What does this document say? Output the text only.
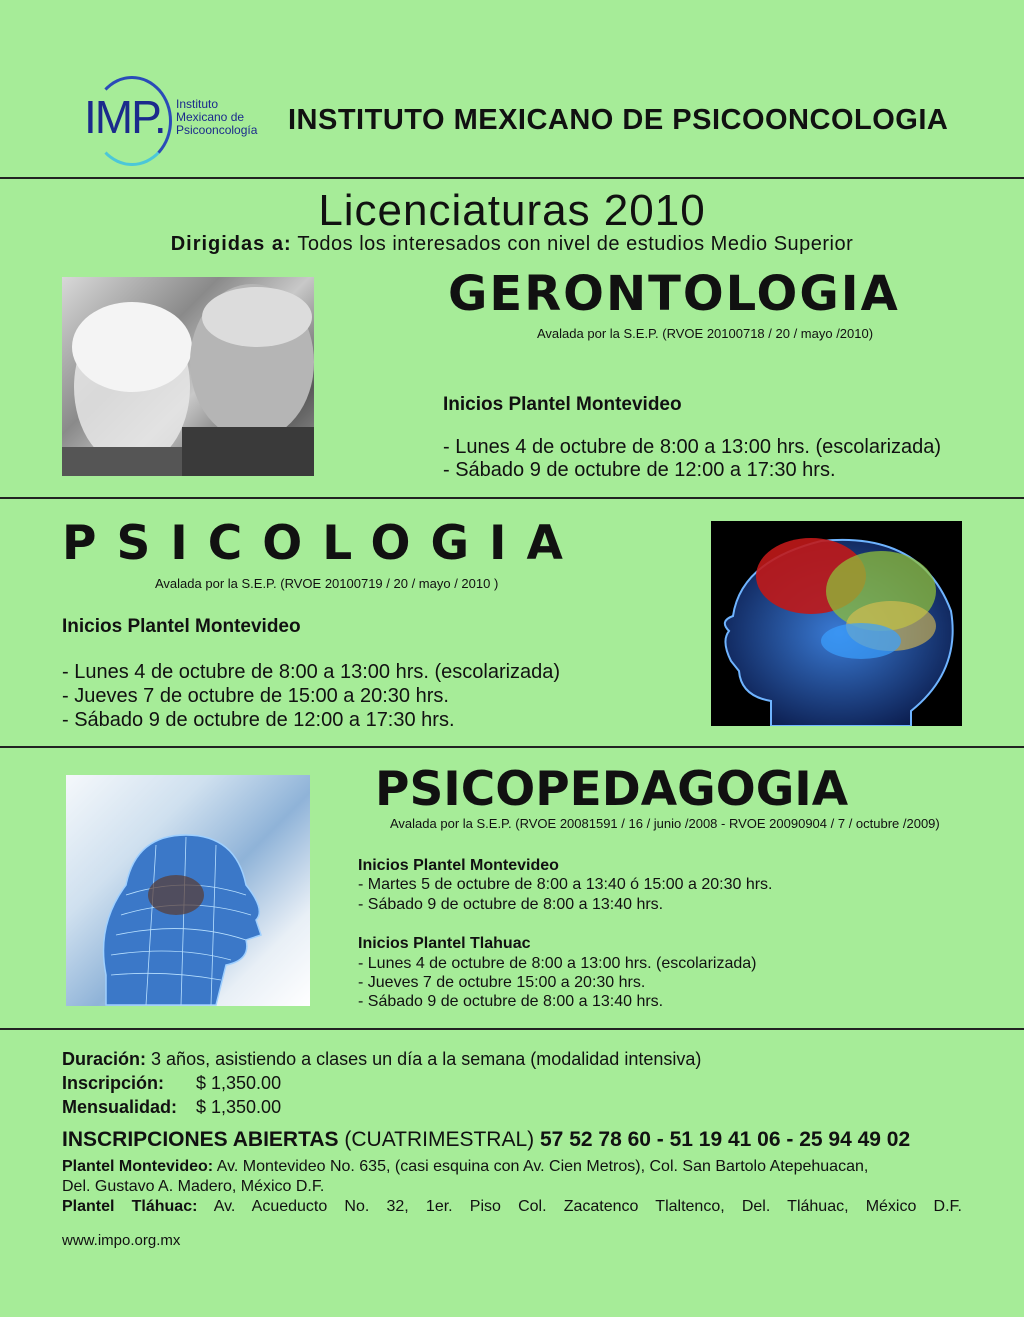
IMP. Instituto
Mexicano de
Psicooncología INSTITUTO MEXICANO DE PSICOONCOLOGIA
Licenciaturas 2010
Dirigidas a: Todos los interesados con nivel de estudios Medio Superior
GERONTOLOGIA
Avalada por la S.E.P. (RVOE 20100718 / 20 / mayo /2010)
Inicios Plantel Montevideo
- Lunes 4 de octubre de 8:00 a 13:00 hrs. (escolarizada)
- Sábado 9 de octubre de 12:00 a 17:30 hrs.
PSICOLOGIA
Avalada por la S.E.P. (RVOE 20100719 / 20 / mayo / 2010 )
Inicios Plantel Montevideo
- Lunes 4 de octubre de 8:00 a 13:00 hrs. (escolarizada)
- Jueves 7 de octubre de 15:00 a 20:30 hrs.
- Sábado 9 de octubre de 12:00 a 17:30 hrs.
PSICOPEDAGOGIA
Avalada por la S.E.P. (RVOE 20081591 / 16 / junio /2008 - RVOE 20090904 / 7 / octubre /2009)
Inicios Plantel Montevideo
- Martes 5 de octubre de 8:00 a 13:40 ó 15:00 a 20:30 hrs.
- Sábado 9 de octubre de 8:00 a 13:40 hrs.
Inicios Plantel Tlahuac
- Lunes 4 de octubre de 8:00 a 13:00 hrs. (escolarizada)
- Jueves 7 de octubre 15:00 a 20:30 hrs.
- Sábado 9 de octubre de 8:00 a 13:40 hrs.
Duración: 3 años, asistiendo a clases un día a la semana (modalidad intensiva)
Inscripción: $ 1,350.00
Mensualidad: $ 1,350.00
INSCRIPCIONES ABIERTAS (CUATRIMESTRAL) 57 52 78 60 - 51 19 41 06 - 25 94 49 02
Plantel Montevideo: Av. Montevideo No. 635, (casi esquina con Av. Cien Metros), Col. San Bartolo Atepehuacan,
Del. Gustavo A. Madero, México D.F.
Plantel Tláhuac: Av. Acueducto No. 32, 1er. Piso Col. Zacatenco Tlaltenco, Del. Tláhuac, México D.F.
www.impo.org.mx
